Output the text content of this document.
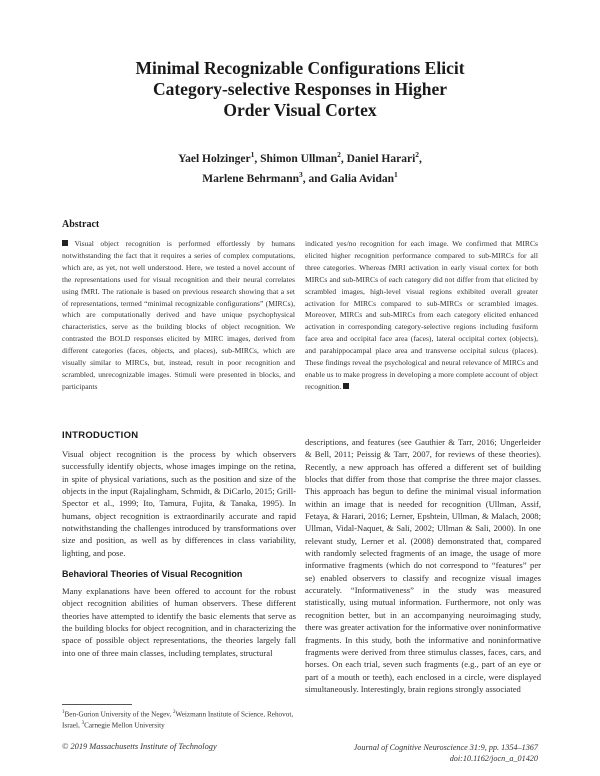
Minimal Recognizable Configurations Elicit
Category-selective Responses in Higher
Order Visual Cortex
Yael Holzinger$^1$, Shimon Ullman$^2$, Daniel Harari$^2$,
Marlene Behrmann$^3$, and Galia Avidan$^1$
Abstract
Visual object recognition is performed effortlessly by humans notwithstanding the fact that it requires a series of complex computations, which are, as yet, not well understood. Here, we tested a novel account of the representations used for visual recognition and their neural correlates using fMRI. The rationale is based on previous research showing that a set of representations, termed “minimal recognizable configurations” (MIRCs), which are computationally derived and have unique psychophysical characteristics, serve as the building blocks of object recognition. We contrasted the BOLD responses elicited by MIRC images, derived from different categories (faces, objects, and places), sub-MIRCs, which are visually similar to MIRCs, but, instead, result in poor recognition and scrambled, unrecognizable images. Stimuli were presented in blocks, and participants
indicated yes/no recognition for each image. We confirmed that MIRCs elicited higher recognition performance compared to sub-MIRCs for all three categories. Whereas fMRI activation in early visual cortex for both MIRCs and sub-MIRCs of each category did not differ from that elicited by scrambled images, high-level visual regions exhibited overall greater activation for MIRCs compared to sub-MIRCs or scrambled images. Moreover, MIRCs and sub-MIRCs from each category elicited enhanced activation in corresponding category-selective regions including fusiform face area and occipital face area (faces), lateral occipital cortex (objects), and parahippocampal place area and transverse occipital sulcus (places). These findings reveal the psychological and neural relevance of MIRCs and enable us to make progress in developing a more complete account of object recognition.
INTRODUCTION
Visual object recognition is the process by which observers successfully identify objects, whose images impinge on the retina, in spite of physical variations, such as the position and size of the objects in the input (Rajalingham, Schmidt, & DiCarlo, 2015; Grill-Spector et al., 1999; Ito, Tamura, Fujita, & Tanaka, 1995). In humans, object recognition is extraordinarily accurate and rapid notwithstanding the challenges introduced by transformations over size and position, as well as by differences in class variability, lighting, and pose.
Behavioral Theories of Visual Recognition
Many explanations have been offered to account for the robust object recognition abilities of human observers. These different theories have attempted to identify the basic elements that serve as the building blocks for object recognition, and in characterizing the space of possible object representations, the theories largely fall into one of three main classes, including templates, structural
descriptions, and features (see Gauthier & Tarr, 2016; Ungerleider & Bell, 2011; Peissig & Tarr, 2007, for reviews of these theories). Recently, a new approach has offered a different set of building blocks that differ from those that comprise the three major classes. This approach has begun to define the minimal visual information within an image that is needed for recognition (Ullman, Assif, Fetaya, & Harari, 2016; Lerner, Epshtein, Ullman, & Malach, 2008; Ullman, Vidal-Naquet, & Sali, 2002; Ullman & Sali, 2000). In one relevant study, Lerner et al. (2008) demonstrated that, compared with randomly selected fragments of an image, the usage of more informative fragments (which do not correspond to “features” per se) enabled observers to classify and recognize visual images accurately. “Informativeness” in the study was measured statistically, using mutual information. Furthermore, not only was recognition better, but in an accompanying neuroimaging study, there was greater activation for the informative over noninformative fragments. In this study, both the informative and noninformative fragments were derived from three stimulus classes, faces, cars, and horses. On each trial, seven such fragments (e.g., part of an eye or part of a mouth or teeth), each enclosed in a circle, were displayed simultaneously. Interestingly, brain regions strongly associated
$^1$Ben-Gurion University of the Negev, $^2$Weizmann Institute of Science, Rehovot, Israel, $^3$Carnegie Mellon University
© 2019 Massachusetts Institute of Technology	Journal of Cognitive Neuroscience 31:9, pp. 1354–1367
doi:10.1162/jocn_a_01420
